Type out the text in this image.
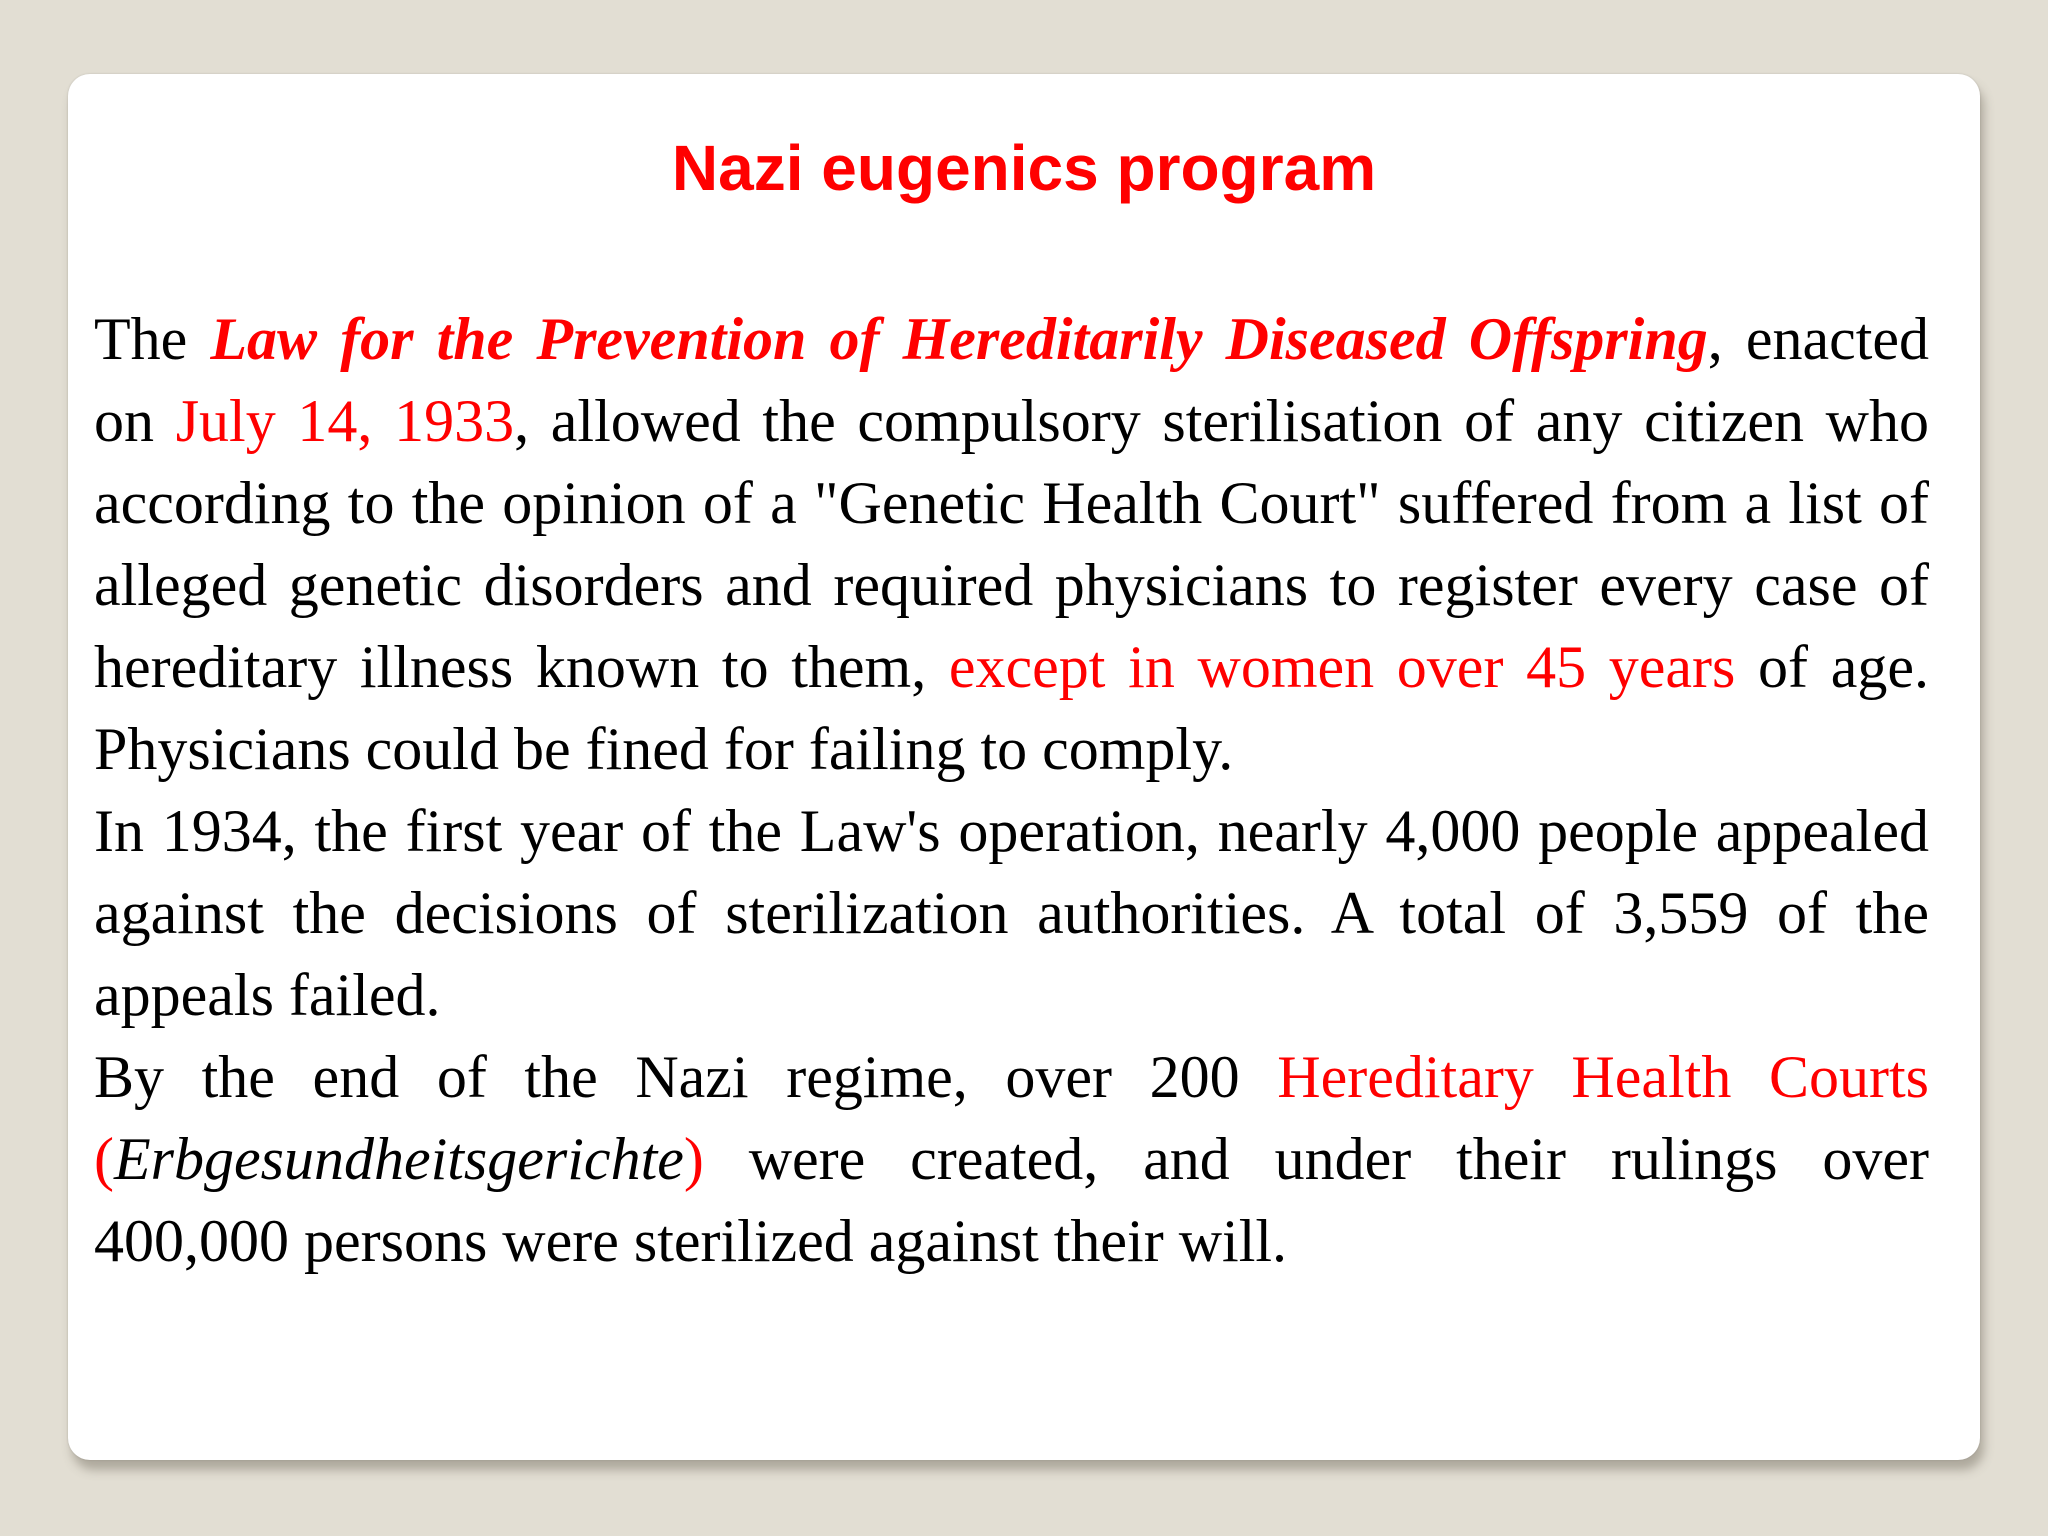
Nazi eugenics program

The Law for the Prevention of Hereditarily Diseased Offspring, enacted on July 14, 1933, allowed the compulsory sterilisation of any citizen who according to the opinion of a "Genetic Health Court" suffered from a list of alleged genetic disorders and required physicians to register every case of hereditary illness known to them, except in women over 45 years of age. Physicians could be fined for failing to comply.

In 1934, the first year of the Law's operation, nearly 4,000 people appealed against the decisions of sterilization authorities. A total of 3,559 of the appeals failed.

By the end of the Nazi regime, over 200 Hereditary Health Courts (Erbgesundheitsgerichte) were created, and under their rulings over 400,000 persons were sterilized against their will.
